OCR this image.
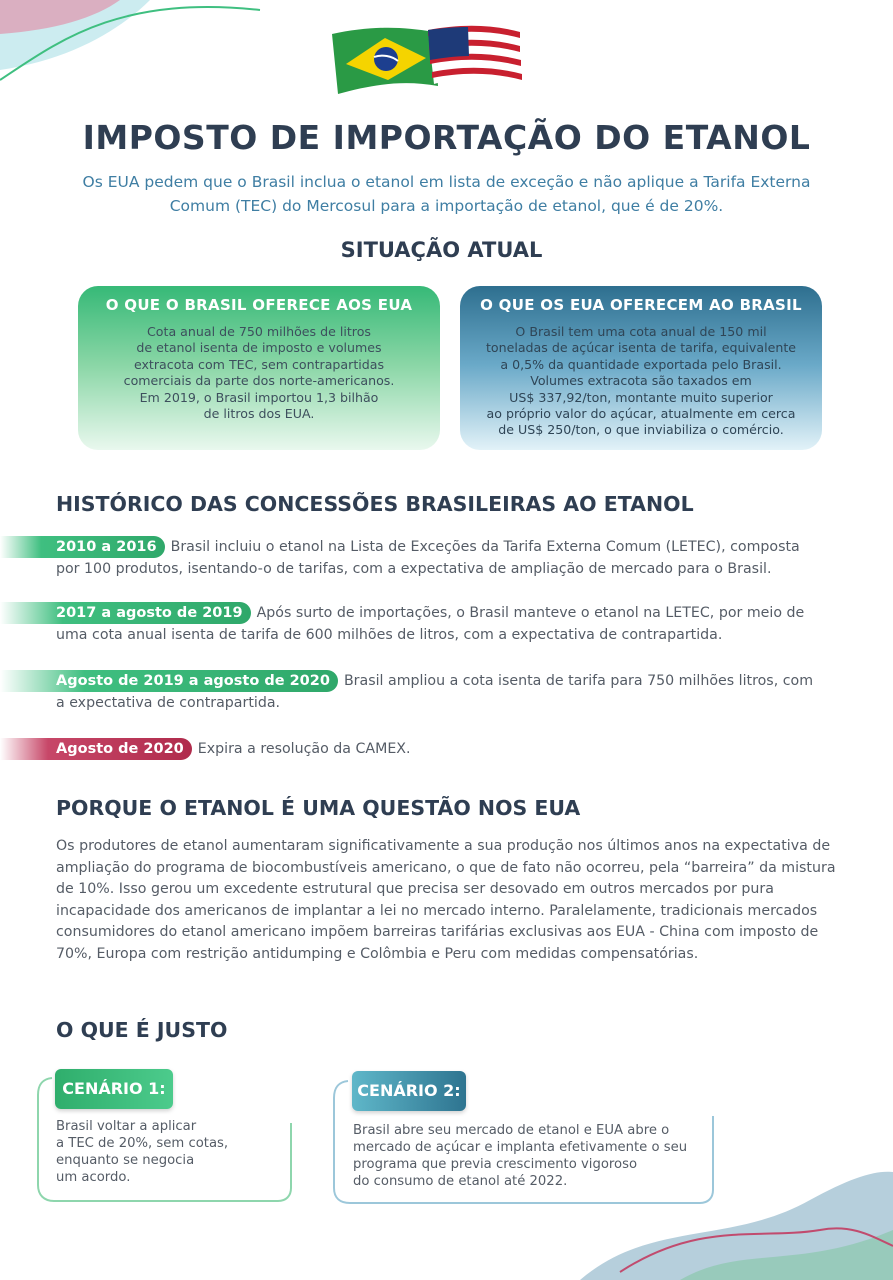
IMPOSTO DE IMPORTAÇÃO DO ETANOL

Os EUA pedem que o Brasil inclua o etanol em lista de exceção e não aplique a Tarifa Externa Comum (TEC) do Mercosul para a importação de etanol, que é de 20%.

SITUAÇÃO ATUAL
O QUE O BRASIL OFERECE AOS EUA

Cota anual de 750 milhões de litros
de etanol isenta de imposto e volumes
extracota com TEC, sem contrapartidas
comerciais da parte dos norte-americanos.
Em 2019, o Brasil importou 1,3 bilhão
de litros dos EUA.

O QUE OS EUA OFERECEM AO BRASIL

O Brasil tem uma cota anual de 150 mil
toneladas de açúcar isenta de tarifa, equivalente
a 0,5% da quantidade exportada pelo Brasil.
Volumes extracota são taxados em
US$ 337,92/ton, montante muito superior
ao próprio valor do açúcar, atualmente em cerca
de US$ 250/ton, o que inviabiliza o comércio.

HISTÓRICO DAS CONCESSÕES BRASILEIRAS AO ETANOL

2010 a 2016 Brasil incluiu o etanol na Lista de Exceções da Tarifa Externa Comum (LETEC), composta por 100 produtos, isentando-o de tarifas, com a expectativa de ampliação de mercado para o Brasil.

2017 a agosto de 2019 Após surto de importações, o Brasil manteve o etanol na LETEC, por meio de uma cota anual isenta de tarifa de 600 milhões de litros, com a expectativa de contrapartida.

Agosto de 2019 a agosto de 2020 Brasil ampliou a cota isenta de tarifa para 750 milhões litros, com a expectativa de contrapartida.

Agosto de 2020 Expira a resolução da CAMEX.

PORQUE O ETANOL É UMA QUESTÃO NOS EUA

Os produtores de etanol aumentaram significativamente a sua produção nos últimos anos na expectativa de ampliação do programa de biocombustíveis americano, o que de fato não ocorreu, pela “barreira” da mistura de 10%. Isso gerou um excedente estrutural que precisa ser desovado em outros mercados por pura incapacidade dos americanos de implantar a lei no mercado interno. Paralelamente, tradicionais mercados consumidores do etanol americano impõem barreiras tarifárias exclusivas aos EUA - China com imposto de 70%, Europa com restrição antidumping e Colômbia e Peru com medidas compensatórias.

O QUE É JUSTO
CENÁRIO 1:

Brasil voltar a aplicar
a TEC de 20%, sem cotas,
enquanto se negocia
um acordo.

CENÁRIO 2:

Brasil abre seu mercado de etanol e EUA abre o
mercado de açúcar e implanta efetivamente o seu
programa que previa crescimento vigoroso
do consumo de etanol até 2022.
